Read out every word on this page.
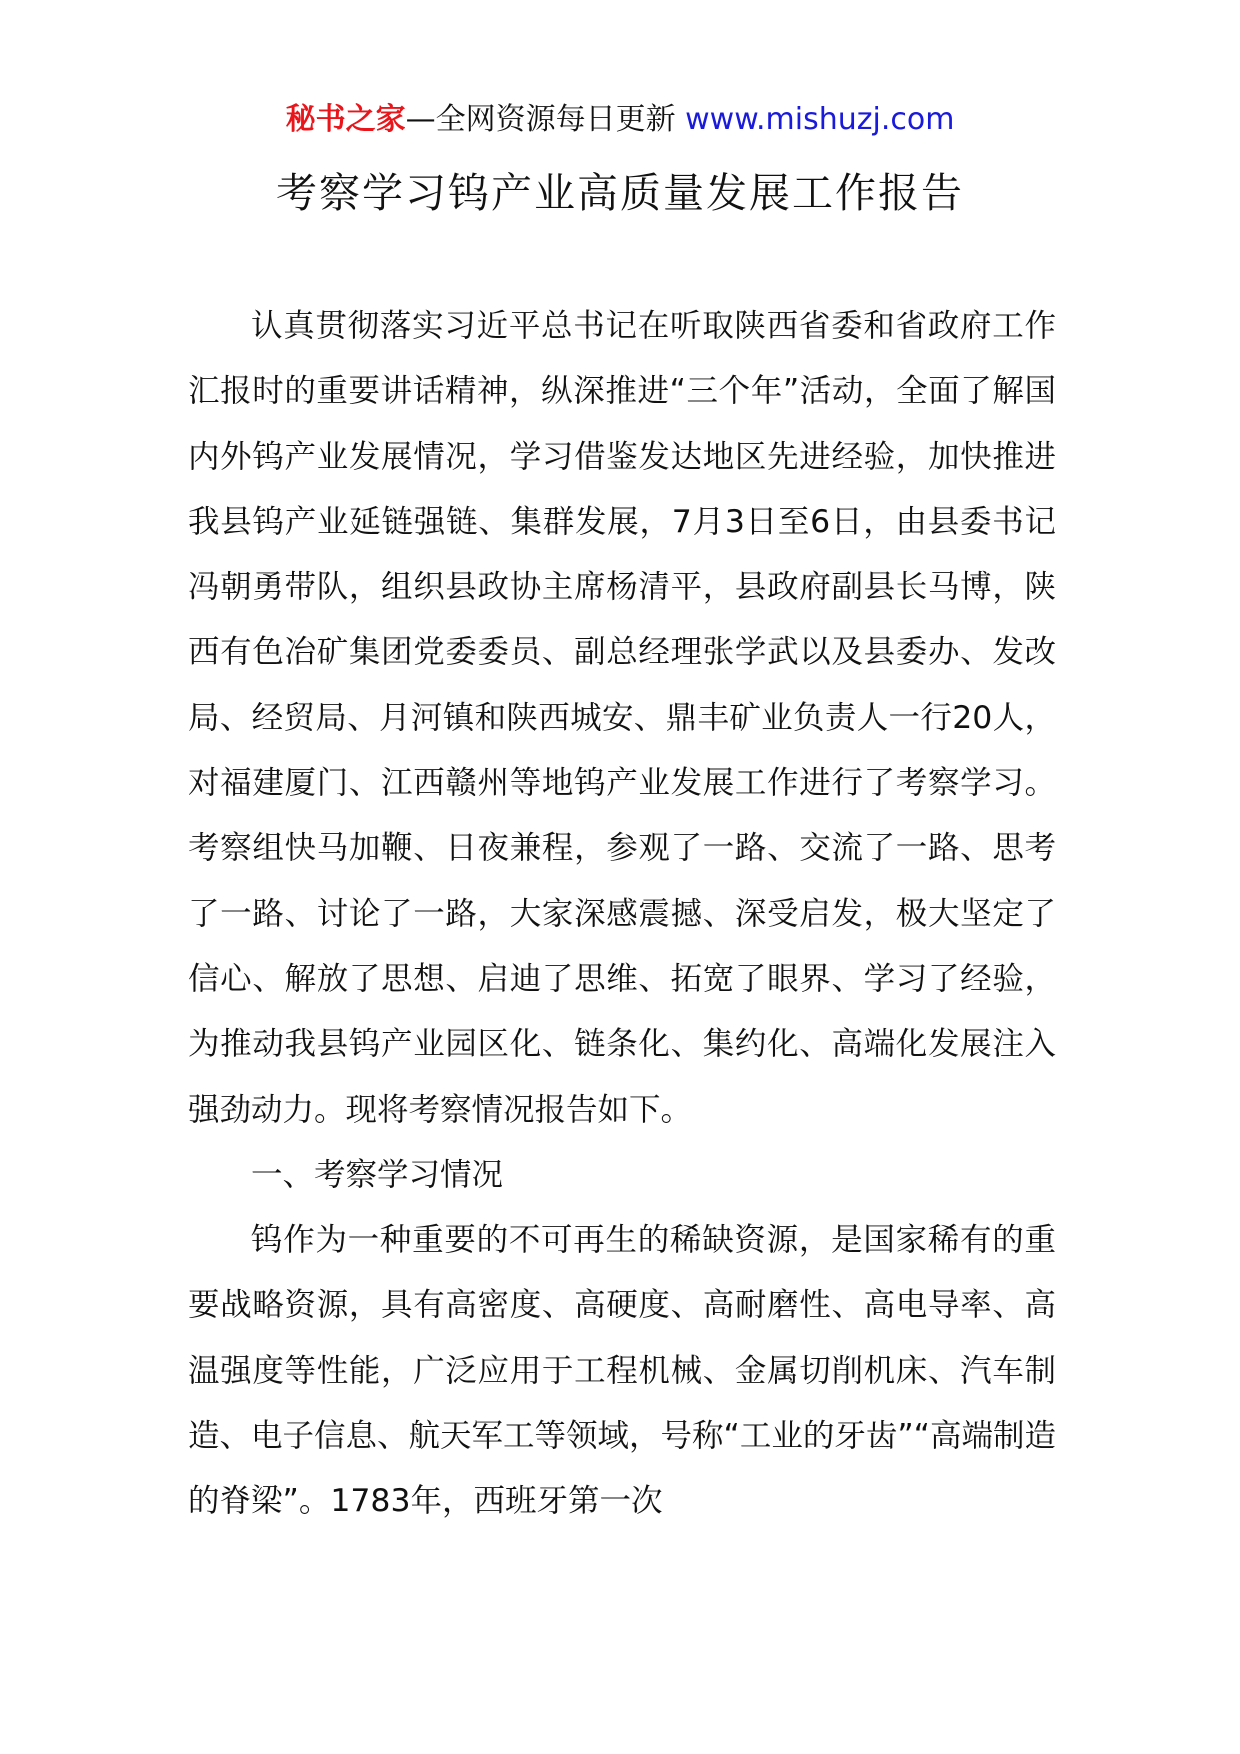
秘书之家—全网资源每日更新 www.mishuzj.com
考察学习钨产业高质量发展工作报告

认真贯彻落实习近平总书记在听取陕西省委和省政府工作汇报时的重要讲话精神，纵深推进“三个年”活动，全面了解国内外钨产业发展情况，学习借鉴发达地区先进经验，加快推进我县钨产业延链强链、集群发展，7月3日至6日，由县委书记冯朝勇带队，组织县政协主席杨清平，县政府副县长马博，陕西有色冶矿集团党委委员、副总经理张学武以及县委办、发改局、经贸局、月河镇和陕西城安、鼎丰矿业负责人一行20人，对福建厦门、江西赣州等地钨产业发展工作进行了考察学习。考察组快马加鞭、日夜兼程，参观了一路、交流了一路、思考了一路、讨论了一路，大家深感震撼、深受启发，极大坚定了信心、解放了思想、启迪了思维、拓宽了眼界、学习了经验，为推动我县钨产业园区化、链条化、集约化、高端化发展注入强劲动力。现将考察情况报告如下。

一、考察学习情况

钨作为一种重要的不可再生的稀缺资源，是国家稀有的重要战略资源，具有高密度、高硬度、高耐磨性、高电导率、高温强度等性能，广泛应用于工程机械、金属切削机床、汽车制造、电子信息、航天军工等领域，号称“工业的牙齿”“高端制造的脊梁”。1783年，西班牙第一次
